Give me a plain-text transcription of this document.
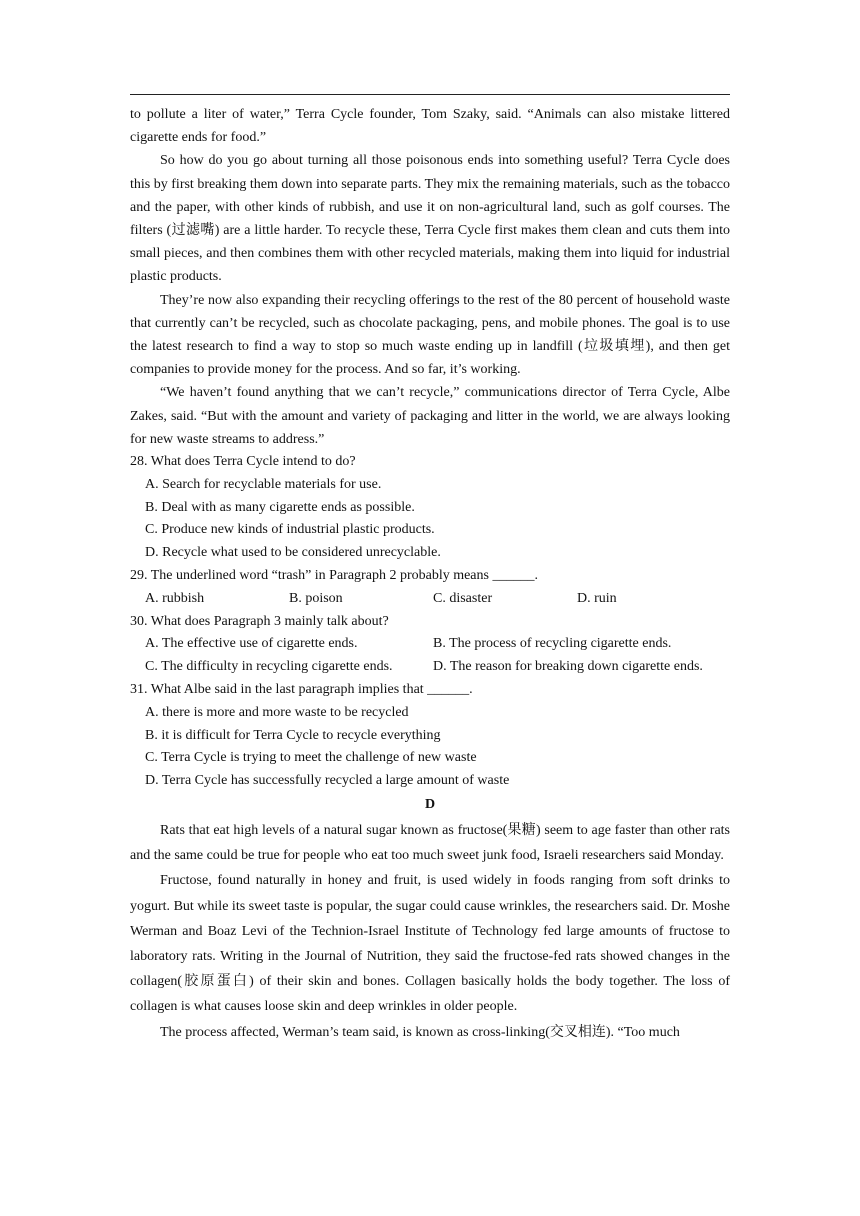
to pollute a liter of water,” Terra Cycle founder, Tom Szaky, said. “Animals can also mistake littered cigarette ends for food.”

So how do you go about turning all those poisonous ends into something useful? Terra Cycle does this by first breaking them down into separate parts. They mix the remaining materials, such as the tobacco and the paper, with other kinds of rubbish, and use it on non-agricultural land, such as golf courses. The filters (过滤嘴) are a little harder. To recycle these, Terra Cycle first makes them clean and cuts them into small pieces, and then combines them with other recycled materials, making them into liquid for industrial plastic products.

They’re now also expanding their recycling offerings to the rest of the 80 percent of household waste that currently can’t be recycled, such as chocolate packaging, pens, and mobile phones. The goal is to use the latest research to find a way to stop so much waste ending up in landfill (垃圾填埋), and then get companies to provide money for the process. And so far, it’s working.

“We haven’t found anything that we can’t recycle,” communications director of Terra Cycle, Albe Zakes, said. “But with the amount and variety of packaging and litter in the world, we are always looking for new waste streams to address.”

28. What does Terra Cycle intend to do?
A. Search for recyclable materials for use.
B. Deal with as many cigarette ends as possible.
C. Produce new kinds of industrial plastic products.
D. Recycle what used to be considered unrecyclable.
29. The underlined word “trash” in Paragraph 2 probably means ______.
A. rubbish	B. poison	C. disaster	D. ruin
30. What does Paragraph 3 mainly talk about?
A. The effective use of cigarette ends.	B. The process of recycling cigarette ends.
C. The difficulty in recycling cigarette ends.	D. The reason for breaking down cigarette ends.
31. What Albe said in the last paragraph implies that ______.
A. there is more and more waste to be recycled
B. it is difficult for Terra Cycle to recycle everything
C. Terra Cycle is trying to meet the challenge of new waste
D. Terra Cycle has successfully recycled a large amount of waste
D

Rats that eat high levels of a natural sugar known as fructose(果糖) seem to age faster than other rats and the same could be true for people who eat too much sweet junk food, Israeli researchers said Monday.

Fructose, found naturally in honey and fruit, is used widely in foods ranging from soft drinks to yogurt. But while its sweet taste is popular, the sugar could cause wrinkles, the researchers said. Dr. Moshe Werman and Boaz Levi of the Technion-Israel Institute of Technology fed large amounts of fructose to laboratory rats. Writing in the Journal of Nutrition, they said the fructose-fed rats showed changes in the collagen(胶原蛋白) of their skin and bones. Collagen basically holds the body together. The loss of collagen is what causes loose skin and deep wrinkles in older people.

The process affected, Werman’s team said, is known as cross-linking(交叉相连). “Too much
